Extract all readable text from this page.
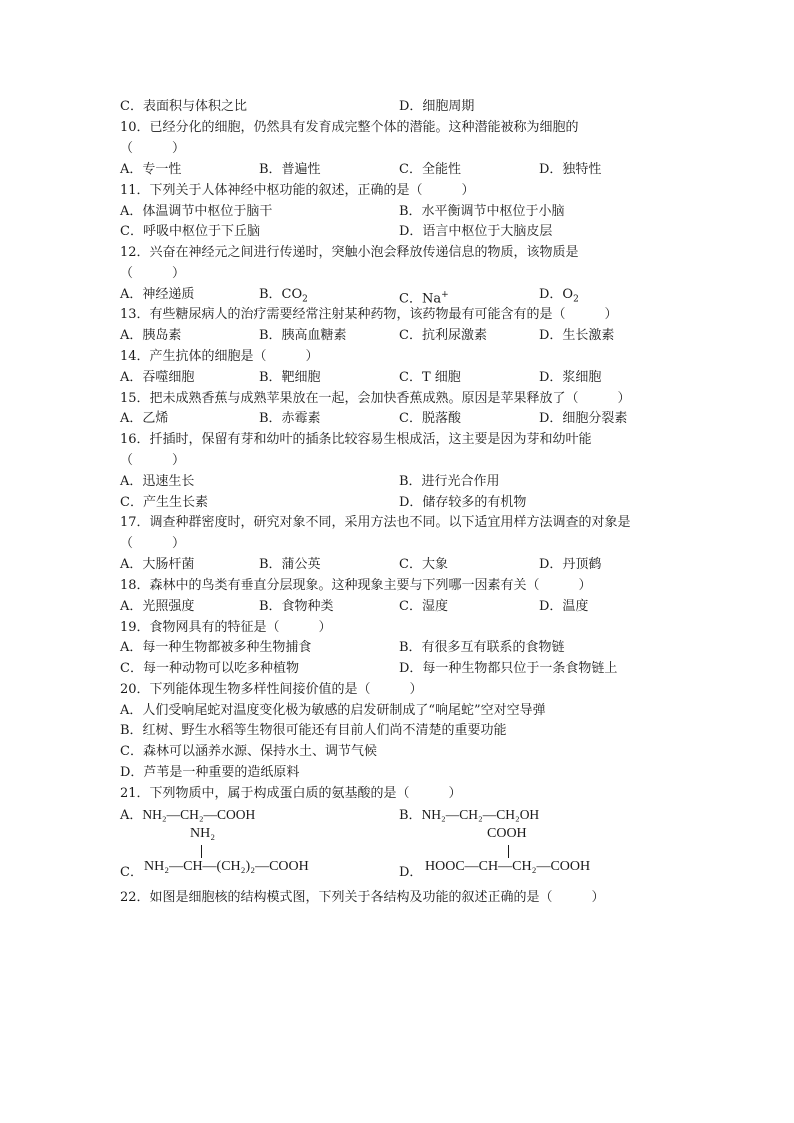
C．表面积与体积之比	D．细胞周期
10．已经分化的细胞，仍然具有发育成完整个体的潜能。这种潜能被称为细胞的
（　　　）
A．专一性	B．普遍性	C．全能性	D．独特性
11．下列关于人体神经中枢功能的叙述，正确的是（　　　）
A．体温调节中枢位于脑干	B．水平衡调节中枢位于小脑
C．呼吸中枢位于下丘脑	D．语言中枢位于大脑皮层
12．兴奋在神经元之间进行传递时，突触小泡会释放传递信息的物质，该物质是
（　　　）
A．神经递质	B．$CO_2$	C．Na+	D．$O_2$
13．有些糖尿病人的治疗需要经常注射某种药物，该药物最有可能含有的是（　　　）
A．胰岛素	B．胰高血糖素	C．抗利尿激素	D．生长激素
14．产生抗体的细胞是（　　　）
A．吞噬细胞	B．靶细胞	C．T 细胞	D．浆细胞
15．把未成熟香蕉与成熟苹果放在一起，会加快香蕉成熟。原因是苹果释放了（　　　）
A．乙烯	B．赤霉素	C．脱落酸	D．细胞分裂素
16．扦插时，保留有芽和幼叶的插条比较容易生根成活，这主要是因为芽和幼叶能
（　　　）
A．迅速生长	B．进行光合作用
C．产生生长素	D．储存较多的有机物
17．调查种群密度时，研究对象不同，采用方法也不同。以下适宜用样方法调查的对象是
（　　　）
A．大肠杆菌	B．蒲公英	C．大象	D．丹顶鹤
18．森林中的鸟类有垂直分层现象。这种现象主要与下列哪一因素有关（　　　）
A．光照强度	B．食物种类	C．湿度	D．温度
19．食物网具有的特征是（　　　）
A．每一种生物都被多种生物捕食	B．有很多互有联系的食物链
C．每一种动物可以吃多种植物	D．每一种生物都只位于一条食物链上
20．下列能体现生物多样性间接价值的是（　　　）
A．人们受响尾蛇对温度变化极为敏感的启发研制成了“响尾蛇”空对空导弹
B．红树、野生水稻等生物很可能还有目前人们尚不清楚的重要功能
C．森林可以涵养水源、保持水土、调节气候
D．芦苇是一种重要的造纸原料
21．下列物质中，属于构成蛋白质的氨基酸的是（　　　）
A．NH₂—CH₂—COOH	B．NH₂—CH₂—CH₂OH
C．
NH₂
NH₂—CH—(CH₂)₂—COOH	D．
COOH
HOOC—CH—CH₂—COOH
22．如图是细胞核的结构模式图，下列关于各结构及功能的叙述正确的是（　　　）
